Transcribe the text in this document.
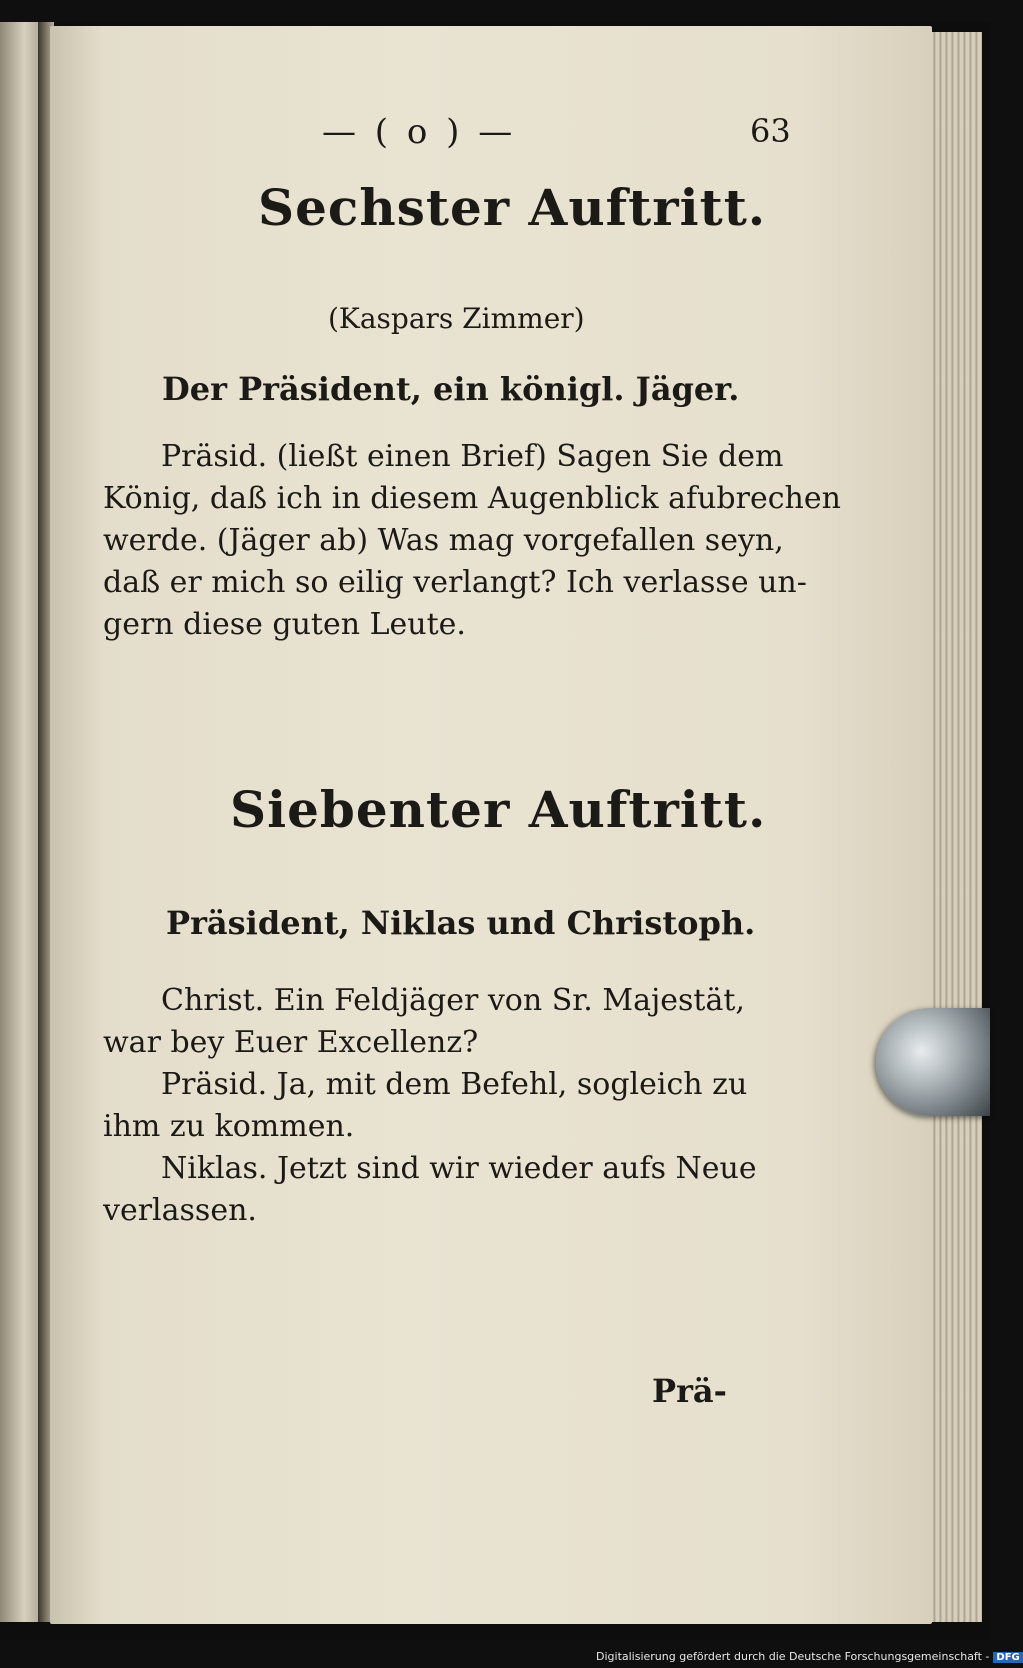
— ( o ) —	63
Sechster Auftritt.
(Kaspars Zimmer)
Der Präsident, ein königl. Jäger.
Präsid. (ließt einen Brief) Sagen Sie dem
König, daß ich in diesem Augenblick afubrechen
werde. (Jäger ab) Was mag vorgefallen seyn,
daß er mich so eilig verlangt? Ich verlasse un-
gern diese guten Leute.
Siebenter Auftritt.
Präsident, Niklas und Christoph.
Christ. Ein Feldjäger von Sr. Majestät,
war bey Euer Excellenz?
Präsid. Ja, mit dem Befehl, sogleich zu
ihm zu kommen.
Niklas. Jetzt sind wir wieder aufs Neue
verlassen.
Prä-
Digitalisierung gefördert durch die Deutsche Forschungsgemeinschaft - DFG
